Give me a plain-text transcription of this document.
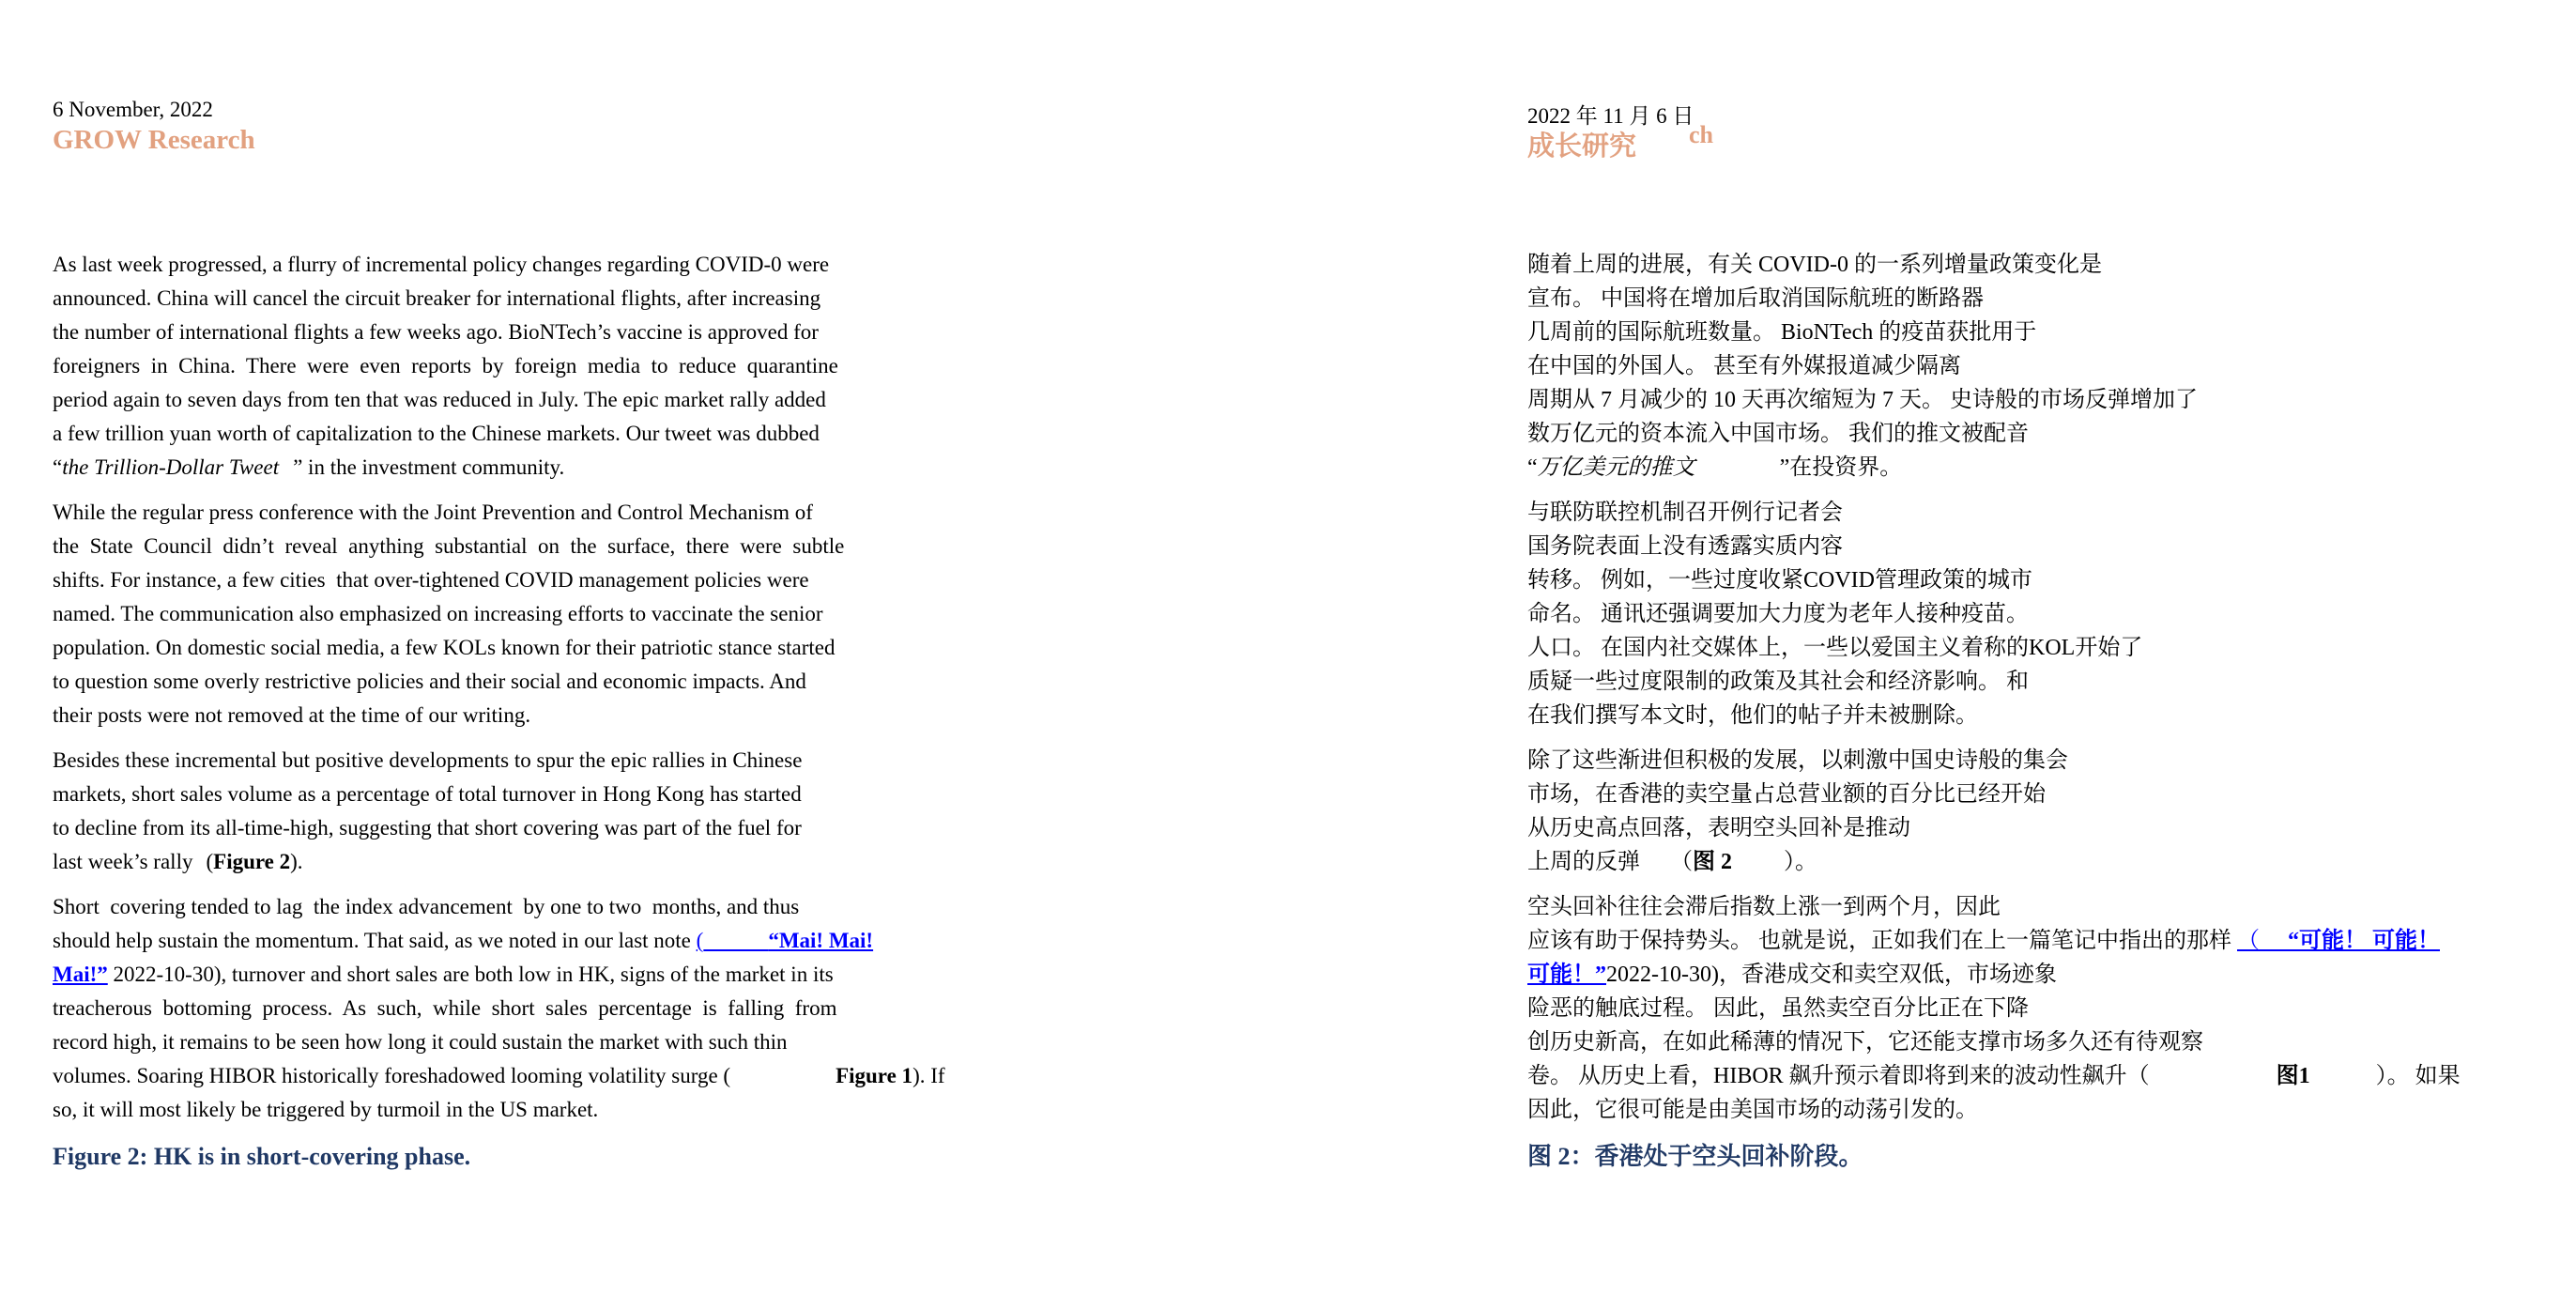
6 November, 2022
GROW Research

As last week progressed, a flurry of incremental policy changes regarding COVID-0 were
announced. China will cancel the circuit breaker for international flights, after increasing
the number of international flights a few weeks ago. BioNTech’s vaccine is approved for
foreigners  in  China.  There  were  even  reports  by  foreign  media  to  reduce  quarantine
period again to seven days from ten that was reduced in July. The epic market rally added
a few trillion yuan worth of capitalization to the Chinese markets. Our tweet was dubbed
“the Trillion-Dollar Tweet ” in the investment community.

While the regular press conference with the Joint Prevention and Control Mechanism of
the  State  Council  didn’t  reveal  anything  substantial  on  the  surface,  there  were  subtle
shifts. For instance, a few cities  that over-tightened COVID management policies were
named. The communication also emphasized on increasing efforts to vaccinate the senior
population. On domestic social media, a few KOLs known for their patriotic stance started
to question some overly restrictive policies and their social and economic impacts. And
their posts were not removed at the time of our writing.

Besides these incremental but positive developments to spur the epic rallies in Chinese
markets, short sales volume as a percentage of total turnover in Hong Kong has started
to decline from its all-time-high, suggesting that short covering was part of the fuel for
last week’s rally (Figure 2).

Short  covering tended to lag  the index advancement  by one to two  months, and thus
should help sustain the momentum. That said, as we noted in our last note (	“Mai! Mai!
Mai!” 2022-10-30), turnover and short sales are both low in HK, signs of the market in its
treacherous  bottoming  process.  As  such,  while  short  sales  percentage  is  falling  from
record high, it remains to be seen how long it could sustain the market with such thin
volumes. Soaring HIBOR historically foreshadowed looming volatility surge (	Figure 1). If
so, it will most likely be triggered by turmoil in the US market.

Figure 2: HK is in short-covering phase.

2022 年 11 月 6 日
成长研究 ch

随着上周的进展，有关 COVID-0 的一系列增量政策变化是
宣布。 中国将在增加后取消国际航班的断路器
几周前的国际航班数量。 BioNTech 的疫苗获批用于
在中国的外国人。 甚至有外媒报道减少隔离
周期从 7 月减少的 10 天再次缩短为 7 天。 史诗般的市场反弹增加了
数万亿元的资本流入中国市场。 我们的推文被配音
“万亿美元的推文	”在投资界。

与联防联控机制召开例行记者会
国务院表面上没有透露实质内容
转移。 例如，一些过度收紧COVID管理政策的城市
命名。 通讯还强调要加大力度为老年人接种疫苗。
人口。 在国内社交媒体上，一些以爱国主义着称的KOL开始了
质疑一些过度限制的政策及其社会和经济影响。 和
在我们撰写本文时，他们的帖子并未被删除。

除了这些渐进但积极的发展，以刺激中国史诗般的集会
市场，在香港的卖空量占总营业额的百分比已经开始
从历史高点回落，表明空头回补是推动
上周的反弹 （图 2 ）。

空头回补往往会滞后指数上涨一到两个月，因此
应该有助于保持势头。 也就是说，正如我们在上一篇笔记中指出的那样 （ “可能！ 可能！
可能！”2022-10-30)，香港成交和卖空双低，市场迹象
险恶的触底过程。 因此，虽然卖空百分比正在下降
创历史新高，在如此稀薄的情况下，它还能支撑市场多久还有待观察
卷。 从历史上看，HIBOR 飙升预示着即将到来的波动性飙升（	图1	）。 如果
因此，它很可能是由美国市场的动荡引发的。

图 2：香港处于空头回补阶段。
